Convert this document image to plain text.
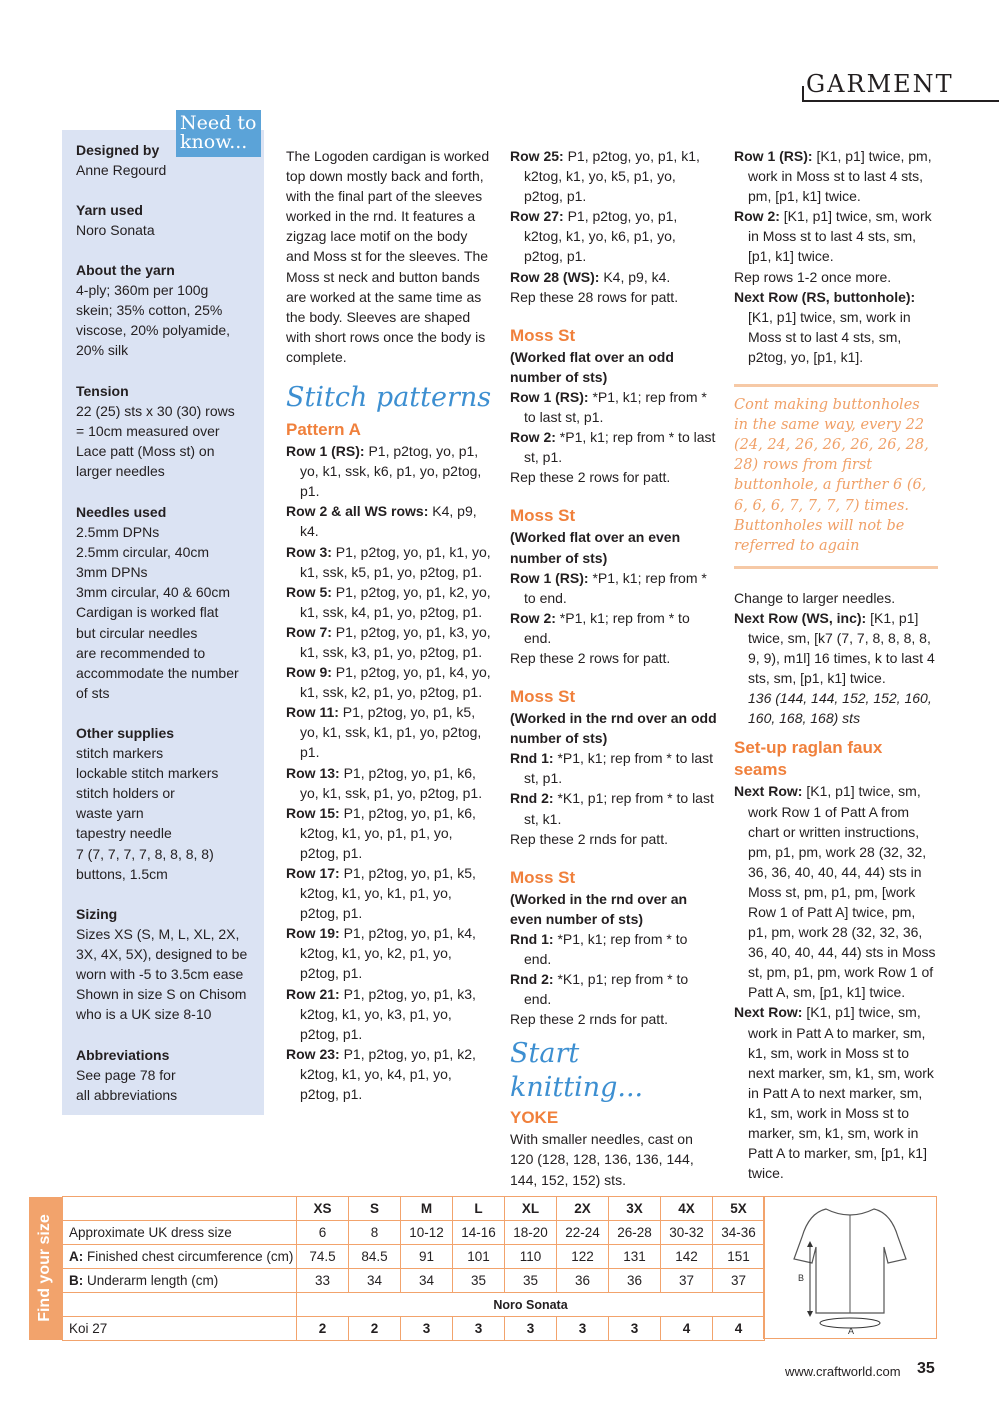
GARMENT
Need to know...
Designed by
Anne Regourd
Yarn used
Noro Sonata
About the yarn
4-ply; 360m per 100g
skein; 35% cotton, 25%
viscose, 20% polyamide,
20% silk
Tension
22 (25) sts x 30 (30) rows
= 10cm measured over
Lace patt (Moss st) on
larger needles
Needles used
2.5mm DPNs
2.5mm circular, 40cm
3mm DPNs
3mm circular, 40 & 60cm
Cardigan is worked flat
but circular needles
are recommended to
accommodate the number
of sts
Other supplies
stitch markers
lockable stitch markers
stitch holders or
waste yarn
tapestry needle
7 (7, 7, 7, 7, 8, 8, 8, 8)
buttons, 1.5cm
Sizing
Sizes XS (S, M, L, XL, 2X,
3X, 4X, 5X), designed to be
worn with -5 to 3.5cm ease
Shown in size S on Chisom
who is a UK size 8-10
Abbreviations
See page 78 for
all abbreviations

The Logoden cardigan is worked top down mostly back and forth, with the final part of the sleeves worked in the rnd. It features a zigzag lace motif on the body and Moss st for the sleeves. The Moss st neck and button bands are worked at the same time as the body. Sleeves are shaped with short rows once the body is complete.

Stitch patterns

Pattern A

Row 1 (RS): P1, p2tog, yo, p1, yo, k1, ssk, k6, p1, yo, p2tog, p1.

Row 2 & all WS rows: K4, p9, k4.

Row 3: P1, p2tog, yo, p1, k1, yo, k1, ssk, k5, p1, yo, p2tog, p1.

Row 5: P1, p2tog, yo, p1, k2, yo, k1, ssk, k4, p1, yo, p2tog, p1.

Row 7: P1, p2tog, yo, p1, k3, yo, k1, ssk, k3, p1, yo, p2tog, p1.

Row 9: P1, p2tog, yo, p1, k4, yo, k1, ssk, k2, p1, yo, p2tog, p1.

Row 11: P1, p2tog, yo, p1, k5, yo, k1, ssk, k1, p1, yo, p2tog, p1.

Row 13: P1, p2tog, yo, p1, k6, yo, k1, ssk, p1, yo, p2tog, p1.

Row 15: P1, p2tog, yo, p1, k6, k2tog, k1, yo, p1, p1, yo, p2tog, p1.

Row 17: P1, p2tog, yo, p1, k5, k2tog, k1, yo, k1, p1, yo, p2tog, p1.

Row 19: P1, p2tog, yo, p1, k4, k2tog, k1, yo, k2, p1, yo, p2tog, p1.

Row 21: P1, p2tog, yo, p1, k3, k2tog, k1, yo, k3, p1, yo, p2tog, p1.

Row 23: P1, p2tog, yo, p1, k2, k2tog, k1, yo, k4, p1, yo, p2tog, p1.

Row 25: P1, p2tog, yo, p1, k1, k2tog, k1, yo, k5, p1, yo, p2tog, p1.

Row 27: P1, p2tog, yo, p1, k2tog, k1, yo, k6, p1, yo, p2tog, p1.

Row 28 (WS): K4, p9, k4.

Rep these 28 rows for patt.

Moss St

(Worked flat over an odd number of sts)

Row 1 (RS): *P1, k1; rep from * to last st, p1.

Row 2: *P1, k1; rep from * to last st, p1.

Rep these 2 rows for patt.

Moss St

(Worked flat over an even number of sts)

Row 1 (RS): *P1, k1; rep from * to end.

Row 2: *P1, k1; rep from * to end.

Rep these 2 rows for patt.

Moss St

(Worked in the rnd over an odd number of sts)

Rnd 1: *P1, k1; rep from * to last st, p1.

Rnd 2: *K1, p1; rep from * to last st, k1.

Rep these 2 rnds for patt.

Moss St

(Worked in the rnd over an even number of sts)

Rnd 1: *P1, k1; rep from * to end.

Rnd 2: *K1, p1; rep from * to end.

Rep these 2 rnds for patt.

Start knitting...

YOKE

With smaller needles, cast on 120 (128, 128, 136, 136, 144, 144, 152, 152) sts.

Row 1 (RS): [K1, p1] twice, pm, work in Moss st to last 4 sts, pm, [p1, k1] twice.

Row 2: [K1, p1] twice, sm, work in Moss st to last 4 sts, sm, [p1, k1] twice.

Rep rows 1-2 once more.

Next Row (RS, buttonhole): [K1, p1] twice, sm, work in Moss st to last 4 sts, sm, p2tog, yo, [p1, k1].

Cont making buttonholes in the same way, every 22 (24, 24, 26, 26, 26, 26, 28, 28) rows from first buttonhole, a further 6 (6, 6, 6, 6, 7, 7, 7, 7) times. Buttonholes will not be referred to again

Change to larger needles.

Next Row (WS, inc): [K1, p1] twice, sm, [k7 (7, 7, 8, 8, 8, 8, 9, 9), m1l] 16 times, k to last 4 sts, sm, [p1, k1] twice.
136 (144, 144, 152, 152, 160, 160, 168, 168) sts

Set-up raglan faux seams

Next Row: [K1, p1] twice, sm, work Row 1 of Patt A from chart or written instructions, pm, p1, pm, work 28 (32, 32, 36, 36, 40, 40, 44, 44) sts in Moss st, pm, p1, pm, [work Row 1 of Patt A] twice, pm, p1, pm, work 28 (32, 32, 36, 36, 40, 40, 44, 44) sts in Moss st, pm, p1, pm, work Row 1 of Patt A, sm, [p1, k1] twice.

Next Row: [K1, p1] twice, sm, work in Patt A to marker, sm, k1, sm, work in Moss st to next marker, sm, k1, sm, work in Patt A to next marker, sm, k1, sm, work in Moss st to marker, sm, k1, sm, work in Patt A to marker, sm, [p1, k1] twice.

Find your size
	XS	S	M	L	XL	2X	3X	4X	5X
Approximate UK dress size	6	8	10-12	14-16	18-20	22-24	26-28	30-32	34-36
A: Finished chest circumference (cm)	74.5	84.5	91	101	110	122	131	142	151
B: Underarm length (cm)	33	34	34	35	35	36	36	37	37
	Noro Sonata								
Koi 27	2	2	3	3	3	3	3	4	4
B
A
www.craftworld.com 35
